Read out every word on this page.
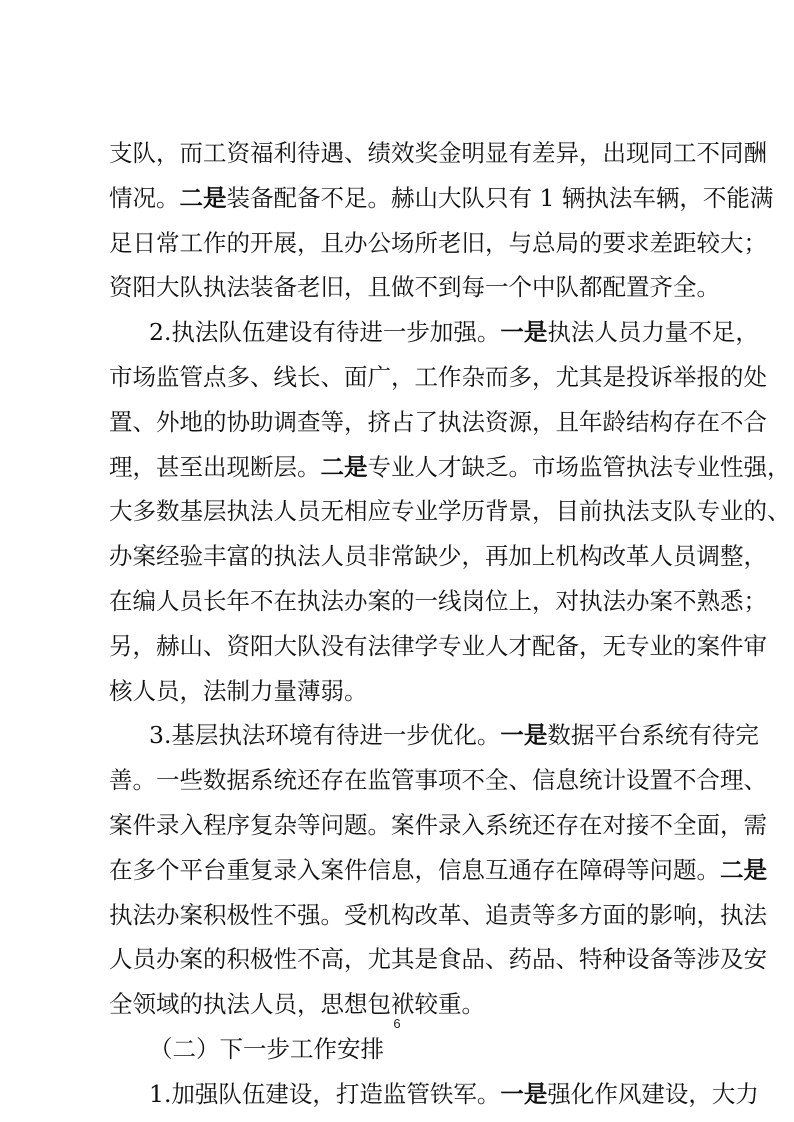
支队，而工资福利待遇、绩效奖金明显有差异，出现同工不同酬
情况。二是装备配备不足。赫山大队只有 1 辆执法车辆，不能满
足日常工作的开展，且办公场所老旧，与总局的要求差距较大；
资阳大队执法装备老旧，且做不到每一个中队都配置齐全。
2.执法队伍建设有待进一步加强。一是执法人员力量不足，
市场监管点多、线长、面广，工作杂而多，尤其是投诉举报的处
置、外地的协助调查等，挤占了执法资源，且年龄结构存在不合
理，甚至出现断层。二是专业人才缺乏。市场监管执法专业性强，
大多数基层执法人员无相应专业学历背景，目前执法支队专业的、
办案经验丰富的执法人员非常缺少，再加上机构改革人员调整，
在编人员长年不在执法办案的一线岗位上，对执法办案不熟悉；
另，赫山、资阳大队没有法律学专业人才配备，无专业的案件审
核人员，法制力量薄弱。
3.基层执法环境有待进一步优化。一是数据平台系统有待完
善。一些数据系统还存在监管事项不全、信息统计设置不合理、
案件录入程序复杂等问题。案件录入系统还存在对接不全面，需
在多个平台重复录入案件信息，信息互通存在障碍等问题。二是
执法办案积极性不强。受机构改革、追责等多方面的影响，执法
人员办案的积极性不高，尤其是食品、药品、特种设备等涉及安
全领域的执法人员，思想包袱较重。
（二）下一步工作安排
1.加强队伍建设，打造监管铁军。一是强化作风建设，大力
6
